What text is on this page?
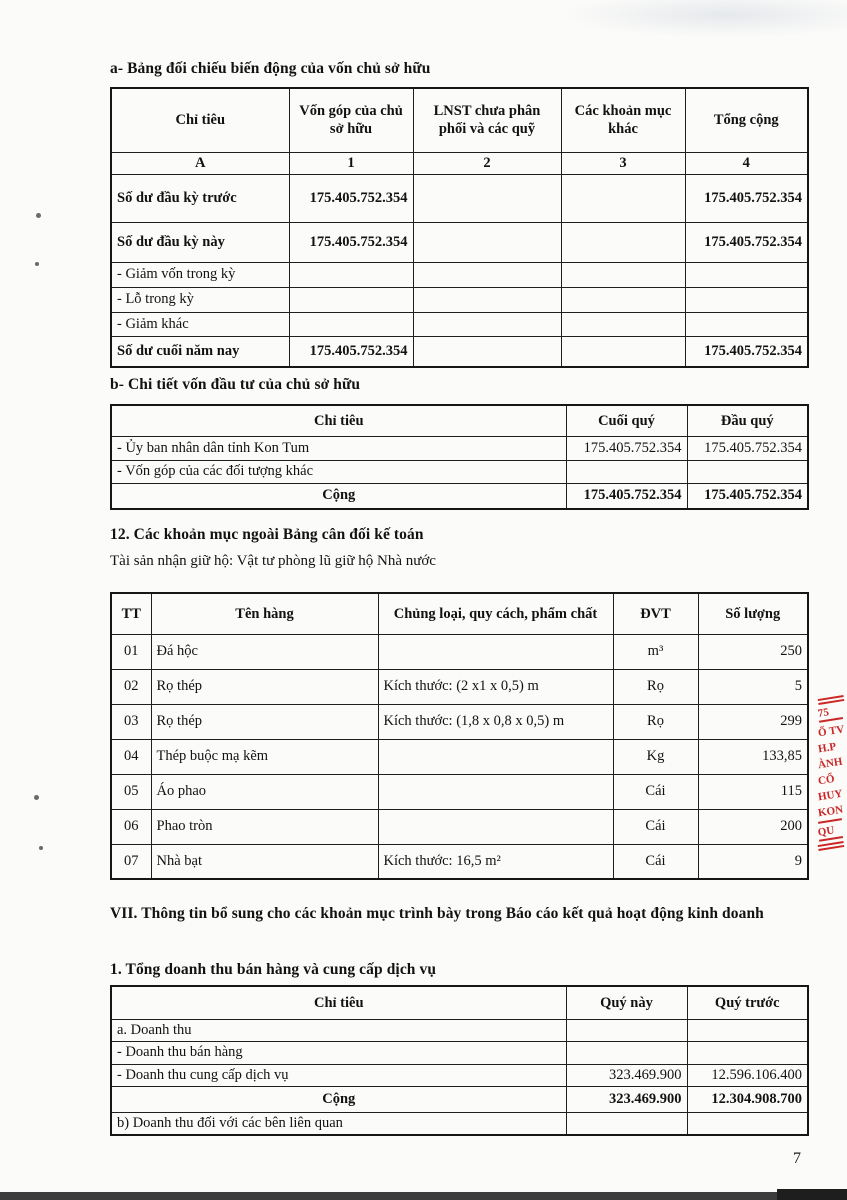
a- Bảng đối chiếu biến động của vốn chủ sở hữu
Chỉ tiêu	Vốn góp của chủ sở hữu	LNST chưa phân phối và các quỹ	Các khoản mục khác	Tổng cộng
A	1	2	3	4
Số dư đầu kỳ trước	175.405.752.354			175.405.752.354
Số dư đầu kỳ này	175.405.752.354			175.405.752.354
- Giảm vốn trong kỳ				
- Lỗ trong kỳ				
- Giảm khác				
Số dư cuối năm nay	175.405.752.354			175.405.752.354
b- Chi tiết vốn đầu tư của chủ sở hữu
Chỉ tiêu	Cuối quý	Đầu quý
- Ủy ban nhân dân tỉnh Kon Tum	175.405.752.354	175.405.752.354
- Vốn góp của các đối tượng khác		
Cộng	175.405.752.354	175.405.752.354
12. Các khoản mục ngoài Bảng cân đối kế toán
Tài sản nhận giữ hộ: Vật tư phòng lũ giữ hộ Nhà nước
TT	Tên hàng	Chủng loại, quy cách, phẩm chất	ĐVT	Số lượng
01	Đá hộc		m³	250
02	Rọ thép	Kích thước: (2 x1 x 0,5) m	Rọ	5
03	Rọ thép	Kích thước: (1,8 x 0,8 x 0,5) m	Rọ	299
04	Thép buộc mạ kẽm		Kg	133,85
05	Áo phao		Cái	115
06	Phao tròn		Cái	200
07	Nhà bạt	Kích thước: 16,5 m²	Cái	9
VII. Thông tin bổ sung cho các khoản mục trình bày trong Báo cáo kết quả hoạt động kinh doanh
1. Tổng doanh thu bán hàng và cung cấp dịch vụ
Chỉ tiêu	Quý này	Quý trước
a. Doanh thu		
- Doanh thu bán hàng		
- Doanh thu cung cấp dịch vụ	323.469.900	12.596.106.400
Cộng	323.469.900	12.304.908.700
b) Doanh thu đối với các bên liên quan		
75
Ổ TV
H.P
ÀNH
CỔ
HUY
KON
QU
7
